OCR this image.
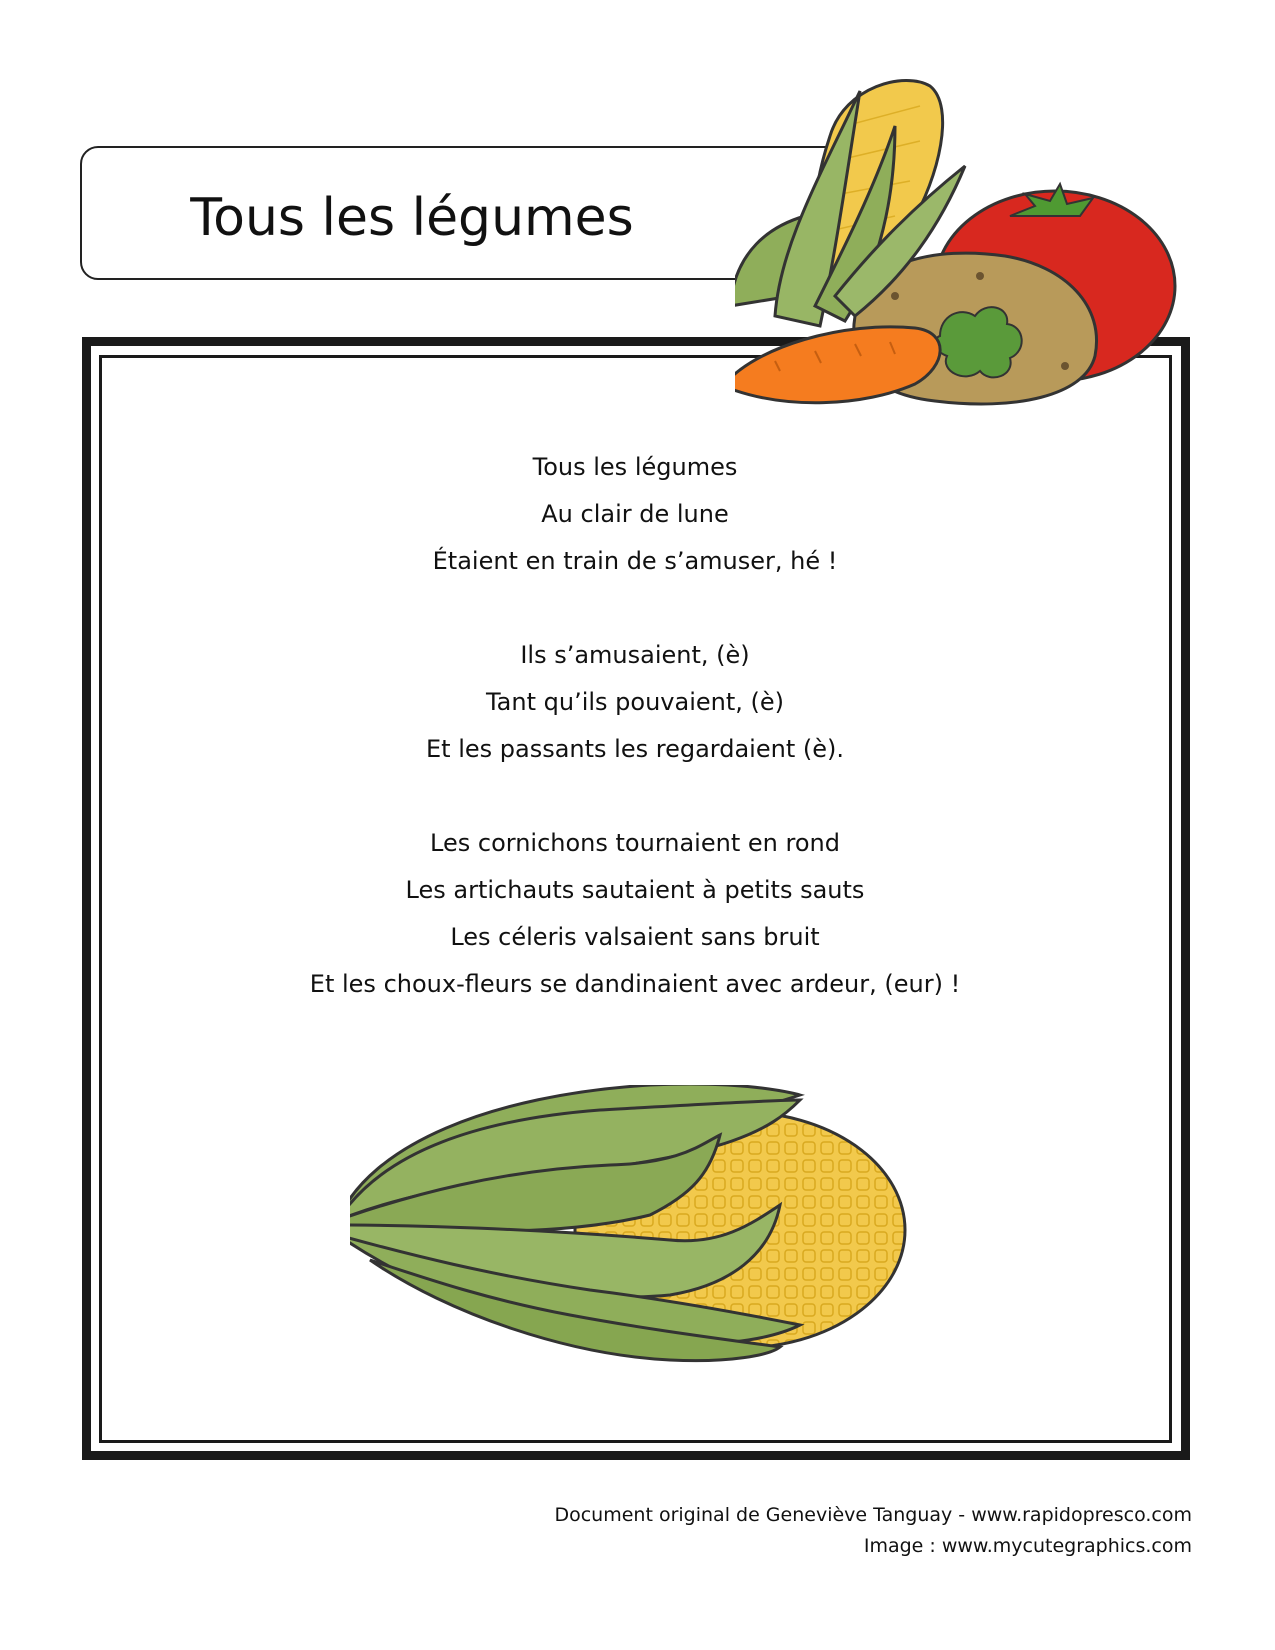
Tous les légumes
Tous les légumes
Au clair de lune
Étaient en train de s’amuser, hé !
Ils s’amusaient, (è)
Tant qu’ils pouvaient, (è)
Et les passants les regardaient (è).
Les cornichons tournaient en rond
Les artichauts sautaient à petits sauts
Les céleris valsaient sans bruit
Et les choux-fleurs se dandinaient avec ardeur, (eur) !
Document original de Geneviève Tanguay - www.rapidopresco.com
Image : www.mycutegraphics.com
